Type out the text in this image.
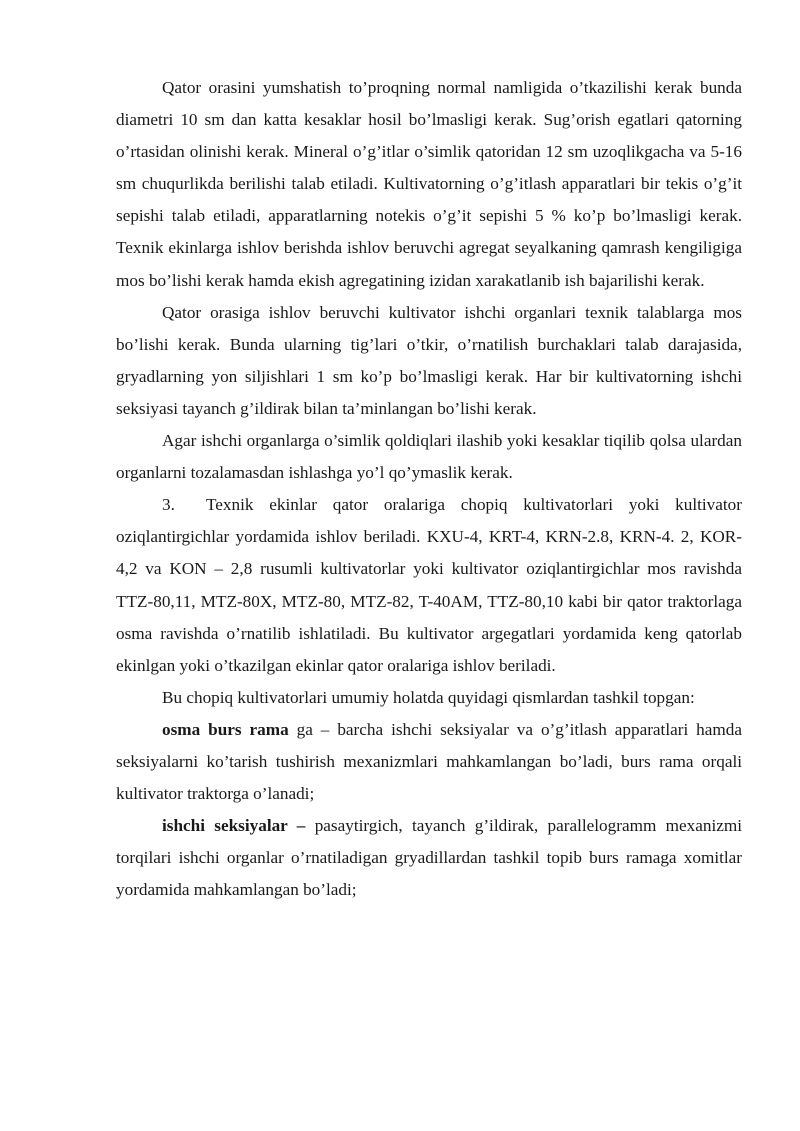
Qator orasini yumshatish to’proqning normal namligida o’tkazilishi kerak bunda diametri 10 sm dan katta kesaklar hosil bo’lmasligi kerak. Sug’orish egatlari qatorning o’rtasidan olinishi kerak. Mineral o’g’itlar o’simlik qatoridan 12 sm uzoqlikgacha va 5-16 sm chuqurlikda berilishi talab etiladi. Kultivatorning o’g’itlash apparatlari bir tekis o’g’it sepishi talab etiladi, apparatlarning notekis o’g’it sepishi 5 % ko’p bo’lmasligi kerak. Texnik ekinlarga ishlov berishda ishlov beruvchi agregat seyalkaning qamrash kengiligiga mos bo’lishi kerak hamda ekish agregatining izidan xarakatlanib ish bajarilishi kerak.

Qator orasiga ishlov beruvchi kultivator ishchi organlari texnik talablarga mos bo’lishi kerak. Bunda ularning tig’lari o’tkir, o’rnatilish burchaklari talab darajasida, gryadlarning yon siljishlari 1 sm ko’p bo’lmasligi kerak. Har bir kultivatorning ishchi seksiyasi tayanch g’ildirak bilan ta’minlangan bo’lishi kerak.

Agar ishchi organlarga o’simlik qoldiqlari ilashib yoki kesaklar tiqilib qolsa ulardan organlarni tozalamasdan ishlashga yo’l qo’ymaslik kerak.

3. Texnik ekinlar qator oralariga chopiq kultivatorlari yoki kultivator oziqlantirgichlar yordamida ishlov beriladi. KXU-4, KRT-4, KRN-2.8, KRN-4. 2, KOR-4,2 va KON – 2,8 rusumli kultivatorlar yoki kultivator oziqlantirgichlar mos ravishda TTZ-80,11, MTZ-80X, MTZ-80, MTZ-82, T-40AM, TTZ-80,10 kabi bir qator traktorlaga osma ravishda o’rnatilib ishlatiladi. Bu kultivator argegatlari yordamida keng qatorlab ekinlgan yoki o’tkazilgan ekinlar qator oralariga ishlov beriladi.

Bu chopiq kultivatorlari umumiy holatda quyidagi qismlardan tashkil topgan:

osma burs rama ga – barcha ishchi seksiyalar va o’g’itlash apparatlari hamda seksiyalarni ko’tarish tushirish mexanizmlari mahkamlangan bo’ladi, burs rama orqali kultivator traktorga o’lanadi;

ishchi seksiyalar – pasaytirgich, tayanch g’ildirak, parallelogramm mexanizmi torqilari ishchi organlar o’rnatiladigan gryadillardan tashkil topib burs ramaga xomitlar yordamida mahkamlangan bo’ladi;
